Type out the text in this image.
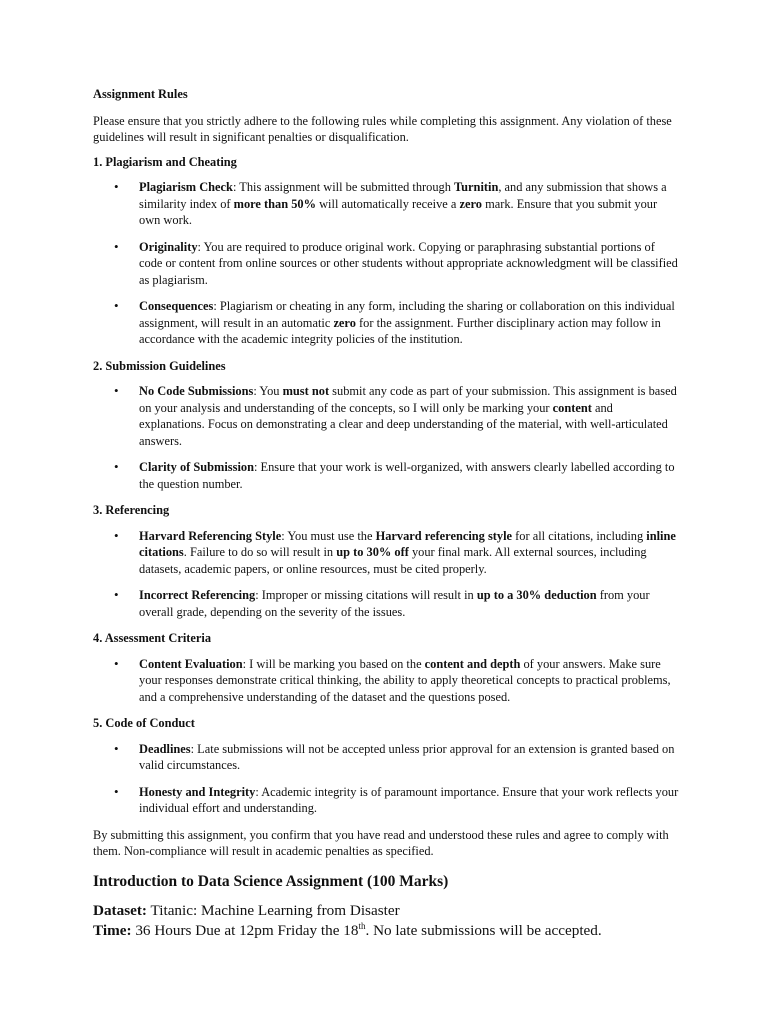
Assignment Rules

Please ensure that you strictly adhere to the following rules while completing this assignment. Any violation of these guidelines will result in significant penalties or disqualification.

1. Plagiarism and Cheating

• Plagiarism Check: This assignment will be submitted through Turnitin, and any submission that shows a similarity index of more than 50% will automatically receive a zero mark. Ensure that you submit your own work.
• Originality: You are required to produce original work. Copying or paraphrasing substantial portions of code or content from online sources or other students without appropriate acknowledgment will be classified as plagiarism.
• Consequences: Plagiarism or cheating in any form, including the sharing or collaboration on this individual assignment, will result in an automatic zero for the assignment. Further disciplinary action may follow in accordance with the academic integrity policies of the institution.

2. Submission Guidelines

• No Code Submissions: You must not submit any code as part of your submission. This assignment is based on your analysis and understanding of the concepts, so I will only be marking your content and explanations. Focus on demonstrating a clear and deep understanding of the material, with well-articulated answers.
• Clarity of Submission: Ensure that your work is well-organized, with answers clearly labelled according to the question number.

3. Referencing

• Harvard Referencing Style: You must use the Harvard referencing style for all citations, including inline citations. Failure to do so will result in up to 30% off your final mark. All external sources, including datasets, academic papers, or online resources, must be cited properly.
• Incorrect Referencing: Improper or missing citations will result in up to a 30% deduction from your overall grade, depending on the severity of the issues.

4. Assessment Criteria

• Content Evaluation: I will be marking you based on the content and depth of your answers. Make sure your responses demonstrate critical thinking, the ability to apply theoretical concepts to practical problems, and a comprehensive understanding of the dataset and the questions posed.

5. Code of Conduct

• Deadlines: Late submissions will not be accepted unless prior approval for an extension is granted based on valid circumstances.
• Honesty and Integrity: Academic integrity is of paramount importance. Ensure that your work reflects your individual effort and understanding.

By submitting this assignment, you confirm that you have read and understood these rules and agree to comply with them. Non-compliance will result in academic penalties as specified.

Introduction to Data Science Assignment (100 Marks)

Dataset: Titanic: Machine Learning from Disaster

Time: 36 Hours Due at 12pm Friday the 18th. No late submissions will be accepted.
